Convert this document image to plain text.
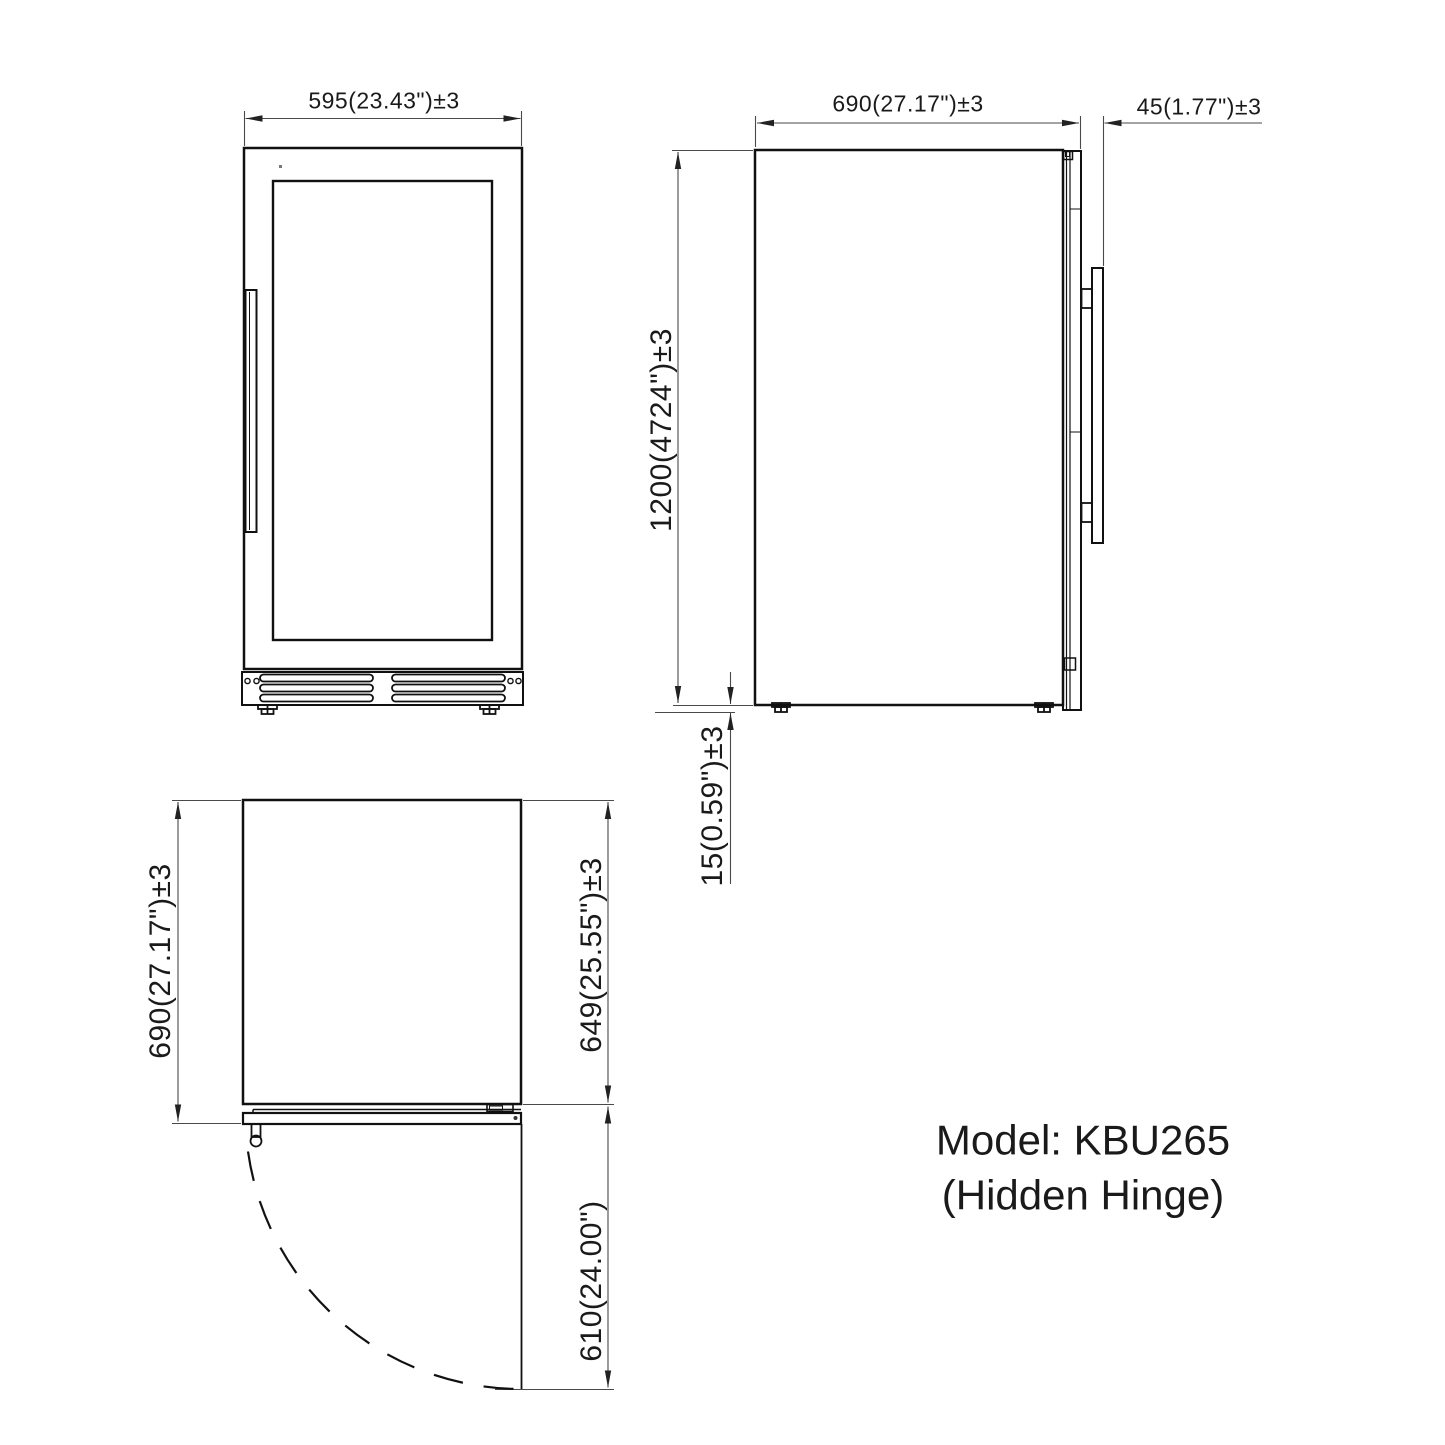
595(23.43")±3	690(27.17")±3	45(1.77")±3
1200(4724")±3
15(0.59")±3
690(27.17")±3	649(25.55")±3
610(24.00")
Model: KBU265
(Hidden Hinge)
